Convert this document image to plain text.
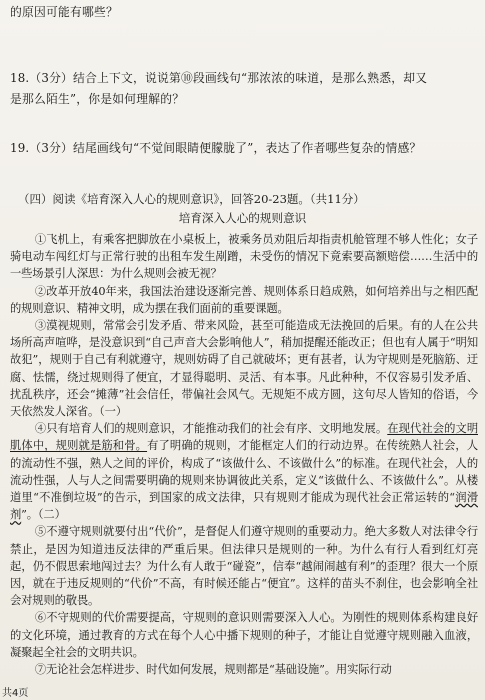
的原因可能有哪些？
18.（3分）结合上下文，说说第⑩段画线句“那浓浓的味道，是那么熟悉，却又
是那么陌生”，你是如何理解的？
19.（3分）结尾画线句“不觉间眼睛便朦胧了”，表达了作者哪些复杂的情感？
（四）阅读《培育深入人心的规则意识》，回答20-23题。（共11分）
培育深入人心的规则意识

①飞机上，有乘客把脚放在小桌板上，被乘务员劝阻后却指责机舱管理不够人性化；女子骑电动车闯红灯与正常行驶的出租车发生剐蹭，未受伤的情况下竟索要高额赔偿……生活中的一些场景引人深思：为什么规则会被无视？

②改革开放40年来，我国法治建设逐渐完善、规则体系日趋成熟，如何培养出与之相匹配的规则意识、精神文明，成为摆在我们面前的重要课题。

③漠视规则，常常会引发矛盾、带来风险，甚至可能造成无法挽回的后果。有的人在公共场所高声喧哗，是没意识到“自己声音大会影响他人”，稍加提醒还能改正；但也有人属于“明知故犯”，规则于自己有利就遵守，规则妨碍了自己就破坏；更有甚者，认为守规则是死脑筋、迂腐、怯懦，绕过规则得了便宜，才显得聪明、灵活、有本事。凡此种种，不仅容易引发矛盾、扰乱秩序，还会“摊薄”社会信任，带偏社会风气。无规矩不成方圆，这句尽人皆知的俗语，今天依然发人深省。（一）

④只有培育人们的规则意识，才能推动我们的社会有序、文明地发展。在现代社会的文明肌体中，规则就是筋和骨。有了明确的规则，才能框定人们的行动边界。在传统熟人社会，人的流动性不强，熟人之间的评价，构成了“该做什么、不该做什么”的标准。在现代社会，人的流动性强，人与人之间需要明确的规则来协调彼此关系，定义“该做什么、不该做什么”。从楼道里“不准倒垃圾”的告示，到国家的成文法律，只有规则才能成为现代社会正常运转的“润滑剂”。（二）

⑤不遵守规则就要付出“代价”，是督促人们遵守规则的重要动力。绝大多数人对法律令行禁止，是因为知道违反法律的严重后果。但法律只是规则的一种。为什么有行人看到红灯亮起，仍不假思索地闯过去？为什么有人敢于“碰瓷”，信奉“越闹闹越有利”的歪理？很大一个原因，就在于违反规则的“代价”不高，有时候还能占“便宜”。这样的苗头不刹住，也会影响全社会对规则的敬畏。

⑥不守规则的代价需要提高，守规则的意识则需要深入人心。为刚性的规则体系构建良好的文化环境，通过教育的方式在每个人心中播下规则的种子，才能让自觉遵守规则融入血液，凝聚起全社会的文明共识。

⑦无论社会怎样进步、时代如何发展，规则都是“基础设施”。用实际行动

共4页
